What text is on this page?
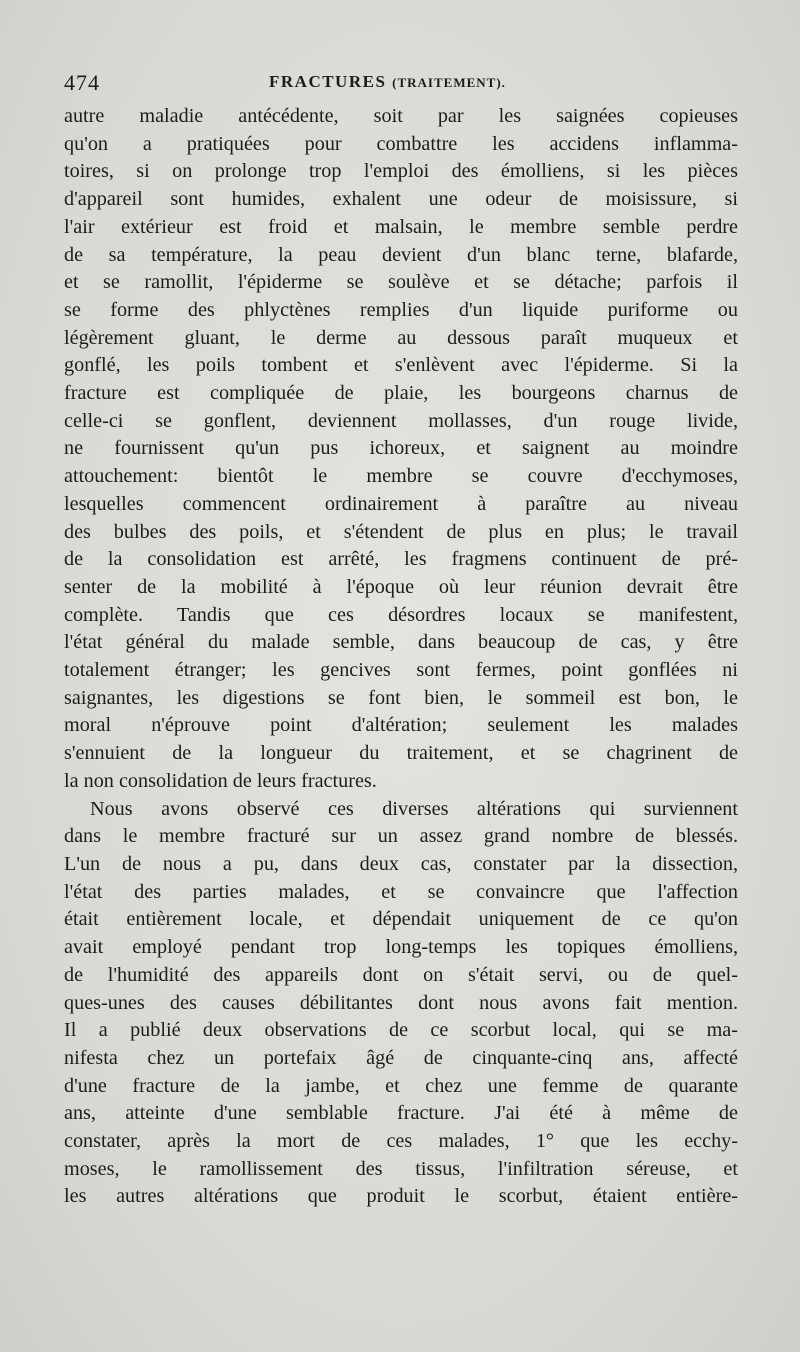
474	FRACTURES (TRAITEMENT).
autre maladie antécédente, soit par les saignées copieuses
qu'on a pratiquées pour combattre les accidens inflamma-
toires, si on prolonge trop l'emploi des émolliens, si les pièces
d'appareil sont humides, exhalent une odeur de moisissure, si
l'air extérieur est froid et malsain, le membre semble perdre
de sa température, la peau devient d'un blanc terne, blafarde,
et se ramollit, l'épiderme se soulève et se détache; parfois il
se forme des phlyctènes remplies d'un liquide puriforme ou
légèrement gluant, le derme au dessous paraît muqueux et
gonflé, les poils tombent et s'enlèvent avec l'épiderme. Si la
fracture est compliquée de plaie, les bourgeons charnus de
celle-ci se gonflent, deviennent mollasses, d'un rouge livide,
ne fournissent qu'un pus ichoreux, et saignent au moindre
attouchement: bientôt le membre se couvre d'ecchymoses,
lesquelles commencent ordinairement à paraître au niveau
des bulbes des poils, et s'étendent de plus en plus; le travail
de la consolidation est arrêté, les fragmens continuent de pré-
senter de la mobilité à l'époque où leur réunion devrait être
complète. Tandis que ces désordres locaux se manifestent,
l'état général du malade semble, dans beaucoup de cas, y être
totalement étranger; les gencives sont fermes, point gonflées ni
saignantes, les digestions se font bien, le sommeil est bon, le
moral n'éprouve point d'altération; seulement les malades
s'ennuient de la longueur du traitement, et se chagrinent de
la non consolidation de leurs fractures.
Nous avons observé ces diverses altérations qui surviennent
dans le membre fracturé sur un assez grand nombre de blessés.
L'un de nous a pu, dans deux cas, constater par la dissection,
l'état des parties malades, et se convaincre que l'affection
était entièrement locale, et dépendait uniquement de ce qu'on
avait employé pendant trop long-temps les topiques émolliens,
de l'humidité des appareils dont on s'était servi, ou de quel-
ques-unes des causes débilitantes dont nous avons fait mention.
Il a publié deux observations de ce scorbut local, qui se ma-
nifesta chez un portefaix âgé de cinquante-cinq ans, affecté
d'une fracture de la jambe, et chez une femme de quarante
ans, atteinte d'une semblable fracture. J'ai été à même de
constater, après la mort de ces malades, 1° que les ecchy-
moses, le ramollissement des tissus, l'infiltration séreuse, et
les autres altérations que produit le scorbut, étaient entière-
